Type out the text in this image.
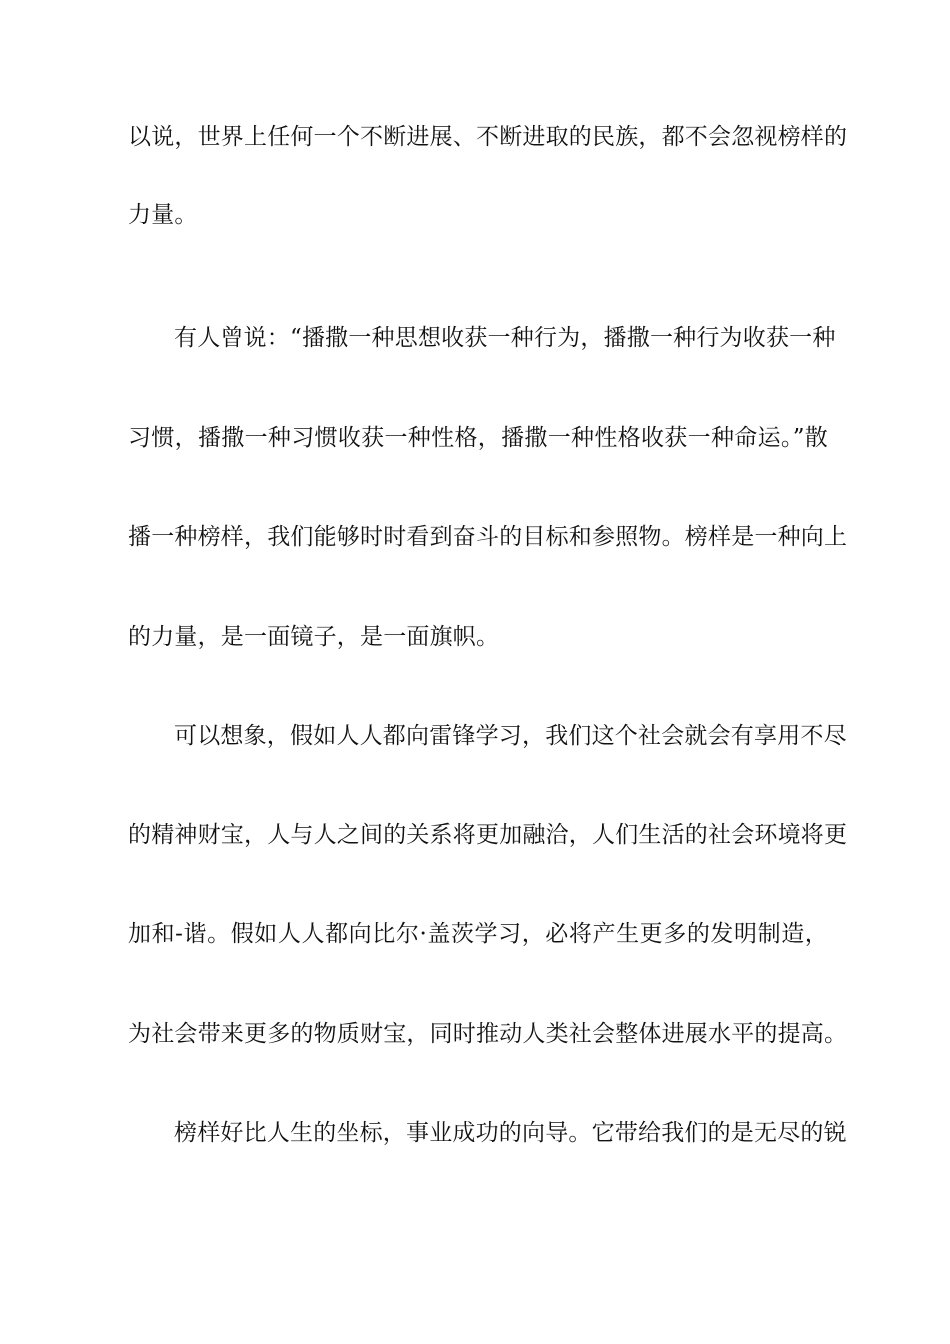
以说，世界上任何一个不断进展、不断进取的民族，都不会忽视榜样的
力量。
有人曾说：“播撒一种思想收获一种行为，播撒一种行为收获一种
习惯，播撒一种习惯收获一种性格，播撒一种性格收获一种命运。”散
播一种榜样，我们能够时时看到奋斗的目标和参照物。榜样是一种向上
的力量，是一面镜子，是一面旗帜。
可以想象，假如人人都向雷锋学习，我们这个社会就会有享用不尽
的精神财宝，人与人之间的关系将更加融洽，人们生活的社会环境将更
加和-谐。假如人人都向比尔·盖茨学习，必将产生更多的发明制造，
为社会带来更多的物质财宝，同时推动人类社会整体进展水平的提高。
榜样好比人生的坐标，事业成功的向导。它带给我们的是无尽的锐
